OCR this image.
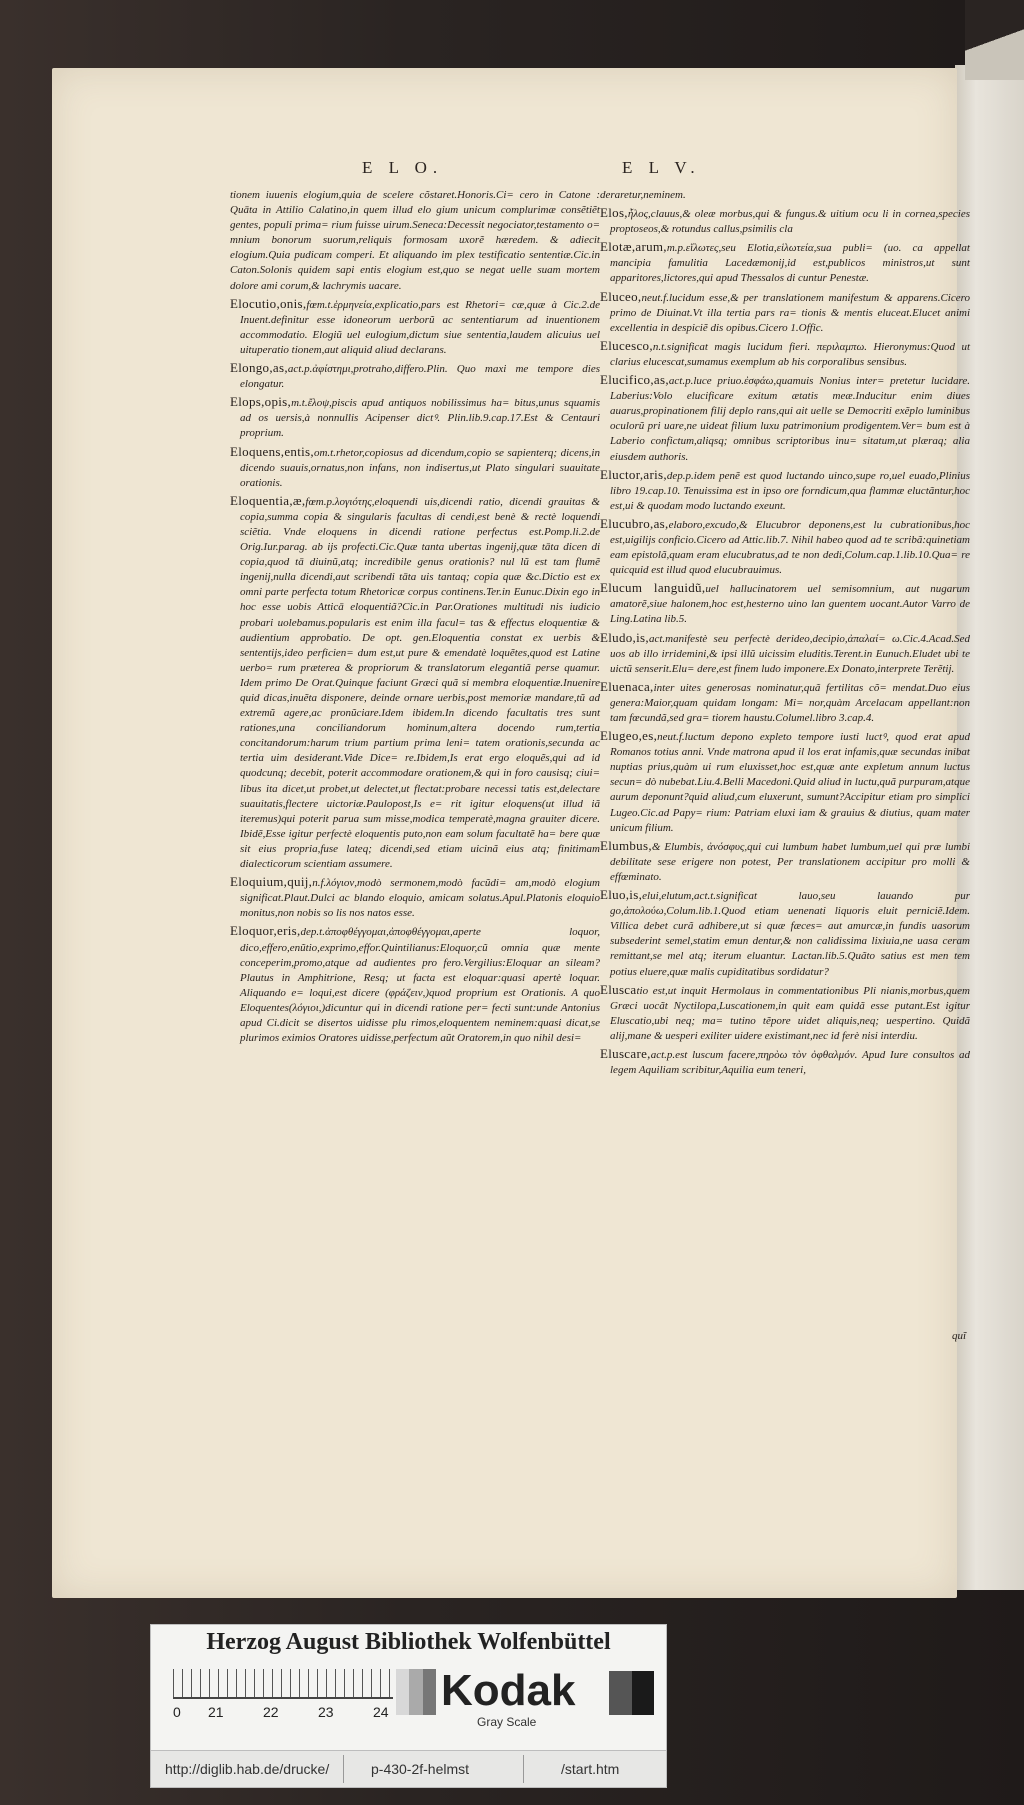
E L O.	E L V.

tionem iuuenis elogium,quia de scelere cõstaret.Honoris.Ci= cero in Catone : Quāta in Attilio Calatino,in quem illud elo gium unicum complurimæ consẽtiẽt gentes, populi prima= rium fuisse uirum.Seneca:Decessit negociator,testamento o= mnium bonorum suorum,reliquis formosam uxorẽ hæredem. & adiecit elogium.Quia pudicam comperi. Et aliquando im plex testificatio sententiæ.Cic.in Caton.Solonis quidem sapi entis elogium est,quo se negat uelle suam mortem dolore ami corum,& lachrymis uacare.

Elocutio,onis,fœm.t.ἑρμηνεία,explicatio,pars est Rhetori= cæ,quæ à Cic.2.de Inuent.definitur esse idoneorum uerborũ ac sententiarum ad inuentionem accommodatio. Elogiũ uel eulogium,dictum siue sententia,laudem alicuius uel uituperatio tionem,aut aliquid aliud declarans.

Elongo,as,act.p.ἀφίστημι,protraho,differo.Plin. Quo maxi me tempore dies elongatur.

Elops,opis,m.t.ἔλοψ,piscis apud antiquos nobilissimus ha= bitus,unus squamis ad os uersis,à nonnullis Acipenser dictꝰ. Plin.lib.9.cap.17.Est & Centauri proprium.

Eloquens,entis,om.t.rhetor,copiosus ad dicendum,copio se sapienterq; dicens,in dicendo suauis,ornatus,non infans, non indisertus,ut Plato singulari suauitate orationis.

Eloquentia,æ,fœm.p.λογιότης,eloquendi uis,dicendi ratio, dicendi grauitas & copia,summa copia & singularis facultas di cendi,est benè & rectè loquendi sciẽtia. Vnde eloquens in dicendi ratione perfectus est.Pomp.li.2.de Orig.Iur.parag. ab ijs profecti.Cic.Quæ tanta ubertas ingenij,quæ tāta dicen di copia,quod tā diuinũ,atq; incredibile genus orationis? nul lũ est tam flumẽ ingenij,nulla dicendi,aut scribendi tāta uis tantaq; copia quæ &c.Dictio est ex omni parte perfecta totum Rhetoricæ corpus continens.Ter.in Eunuc.Dixin ego in hoc esse uobis Atticā eloquentiã?Cic.in Par.Orationes multitudi nis iudicio probari uolebamus.popularis est enim illa facul= tas & effectus eloquentiæ & audientium approbatio. De opt. gen.Eloquentia constat ex uerbis & sententijs,ideo perficien= dum est,ut pure & emendatè loquẽtes,quod est Latine uerbo= rum præterea & propriorum & translatorum elegantiã perse quamur. Idem primo De Orat.Quinque faciunt Græci quã si membra eloquentiæ.Inuenire quid dicas,inuẽta disponere, deinde ornare uerbis,post memoriæ mandare,tũ ad extremũ agere,ac pronũciare.Idem ibidem.In dicendo facultatis tres sunt rationes,una conciliandorum hominum,altera docendo rum,tertia concitandorum:harum trium partium prima leni= tatem orationis,secunda ac tertia uim desiderant.Vide Dice= re.Ibidem,Is erat ergo eloquẽs,qui ad id quodcunq; decebit, poterit accommodare orationem,& qui in foro causisq; ciui= libus ita dicet,ut probet,ut delectet,ut flectat:probare necessi tatis est,delectare suauitatis,flectere uictoriæ.Paulopost,Is e= rit igitur eloquens(ut illud iã iteremus)qui poterit parua sum misse,modica temperatè,magna grauiter dicere. Ibidẽ,Esse igitur perfectè eloquentis puto,non eam solum facultatẽ ha= bere quæ sit eius propria,fuse lateq; dicendi,sed etiam uicinã eius atq; finitimam dialecticorum scientiam assumere.

Eloquium,quij,n.f.λόγιον,modò sermonem,modò facũdi= am,modò elogium significat.Plaut.Dulci ac blando eloquio, amicam solatus.Apul.Platonis eloquio monitus,non nobis so lis nos natos esse.

Eloquor,eris,dep.t.ἀποφθέγγομαι,ἀποφθέγγομαι,aperte loquor, dico,effero,enũtio,exprimo,effor.Quintilianus:Eloquor,cũ omnia quæ mente conceperim,promo,atque ad audientes pro fero.Vergilius:Eloquar an sileam?Plautus in Amphitrione, Resq; ut facta est eloquar:quasi apertè loquar. Aliquando e= loqui,est dicere (φράζειν,)quod proprium est Orationis. A quo Eloquentes(λόγιοι,)dicuntur qui in dicendi ratione per= fecti sunt:unde Antonius apud Ci.dicit se disertos uidisse plu rimos,eloquentem neminem:quasi dicat,se plurimos eximios Oratores uidisse,perfectum aũt Oratorem,in quo nihil desi=

deraretur,neminem.

Elos,ἧλος,clauus,& oleæ morbus,qui & fungus.& uitium ocu li in cornea,species proptoseos,& rotundus callus,psimilis cla

Elotæ,arum,m.p.εἵλωτες,seu Elotia,εἱλωτεία,sua publi= (uo. ca appellat mancipia famulitia Lacedæmonij,id est,publicos ministros,ut sunt apparitores,lictores,qui apud Thessalos di cuntur Penestæ.

Eluceo,neut.f.lucidum esse,& per translationem manifestum & apparens.Cicero primo de Diuinat.Vt illa tertia pars ra= tionis & mentis eluceat.Elucet animi excellentia in despiciẽ dis opibus.Cicero 1.Offic.

Elucesco,n.t.significat magis lucidum fieri. περιλαμπω. Hieronymus:Quod ut clarius elucescat,sumamus exemplum ab his corporalibus sensibus.

Elucifico,as,act.p.luce priuo.ἐσφάω,quamuis Nonius inter= pretetur lucidare. Laberius:Volo elucificare exitum ætatis meæ.Inducitur enim diues auarus,propinationem filij deplo rans,qui ait uelle se Democriti exẽplo luminibus oculorũ pri uare,ne uideat filium luxu patrimonium prodigentem.Ver= bum est à Laberio confictum,aliqsq; omnibus scriptoribus inu= sitatum,ut plæraq; alia eiusdem authoris.

Eluctor,aris,dep.p.idem penẽ est quod luctando uinco,supe ro,uel euado,Plinius libro 19.cap.10. Tenuissima est in ipso ore forndicum,qua flammæ eluctãntur,hoc est,ui & quodam modo luctando exeunt.

Elucubro,as,elaboro,excudo,& Elucubror deponens,est lu cubrationibus,hoc est,uigilijs conficio.Cicero ad Attic.lib.7. Nihil habeo quod ad te scribã:quinetiam eam epistolã,quam eram elucubratus,ad te non dedi,Colum.cap.1.lib.10.Qua= re quicquid est illud quod elucubrauimus.

Elucum languidũ,uel hallucinatorem uel semisomnium, aut nugarum amatorẽ,siue halonem,hoc est,hesterno uino lan guentem uocant.Autor Varro de Ling.Latina lib.5.

Eludo,is,act.manifestè seu perfectè derideo,decipio,ἀπαλαί= ω.Cic.4.Acad.Sed uos ab illo irridemini,& ipsi illũ uicissim eluditis.Terent.in Eunuch.Eludet ubi te uictũ senserit.Elu= dere,est finem ludo imponere.Ex Donato,interprete Terẽtij.

Eluenaca,inter uites generosas nominatur,quã fertilitas cõ= mendat.Duo eius genera:Maior,quam quidam longam: Mi= nor,quàm Arcelacam appellant:non tam fœcundã,sed gra= tiorem haustu.Columel.libro 3.cap.4.

Elugeo,es,neut.f.luctum depono expleto tempore iusti luctꝰ, quod erat apud Romanos totius anni. Vnde matrona apud il los erat infamis,quæ secundas inibat nuptias prius,quàm ui rum eluxisset,hoc est,quæ ante expletum annum luctus secun= dò nubebat.Liu.4.Belli Macedoni.Quid aliud in luctu,quã purpuram,atque aurum deponunt?quid aliud,cum eluxerunt, sumunt?Accipitur etiam pro simplici Lugeo.Cic.ad Papy= rium: Patriam eluxi iam & grauius & diutius, quam mater unicum filium.

Elumbus,& Elumbis, ἀνόσφυς,qui cui lumbum habet lumbum,uel qui præ lumbi debilitate sese erigere non potest, Per translationem accipitur pro molli & effœminato.

Eluo,is,elui,elutum,act.t.significat lauo,seu lauando pur go,ἀπολούω,Colum.lib.1.Quod etiam uenenati liquoris eluit perniciẽ.Idem. Villica debet curã adhibere,ut si quæ fæces= aut amurcæ,in fundis uasorum subsederint semel,statim emun dentur,& non calidissima lixiuia,ne uasa ceram remittant,se mel atq; iterum eluantur. Lactan.lib.5.Quãto satius est men tem potius eluere,quæ malis cupiditatibus sordidatur?

Eluscatio est,ut inquit Hermolaus in commentationibus Pli nianis,morbus,quem Græci uocãt Nyctilopa,Luscationem,in quit eam quidã esse putant.Est igitur Eluscatio,ubi neq; ma= tutino tẽpore uidet aliquis,neq; uespertino. Quidã alij,mane & uesperi exiliter uidere existimant,nec id ferè nisi interdiu.

Eluscare,act.p.est luscum facere,πηρὸω τὸν ὀφθαλμόν. Apud Iure consultos ad legem Aquiliam scribitur,Aquilia eum teneri,

quĩ
Herzog August Bibliothek Wolfenbüttel
0 21	22	23	24 Kodak
Gray Scale
http://diglib.hab.de/drucke/	p-430-2f-helmst	/start.htm
